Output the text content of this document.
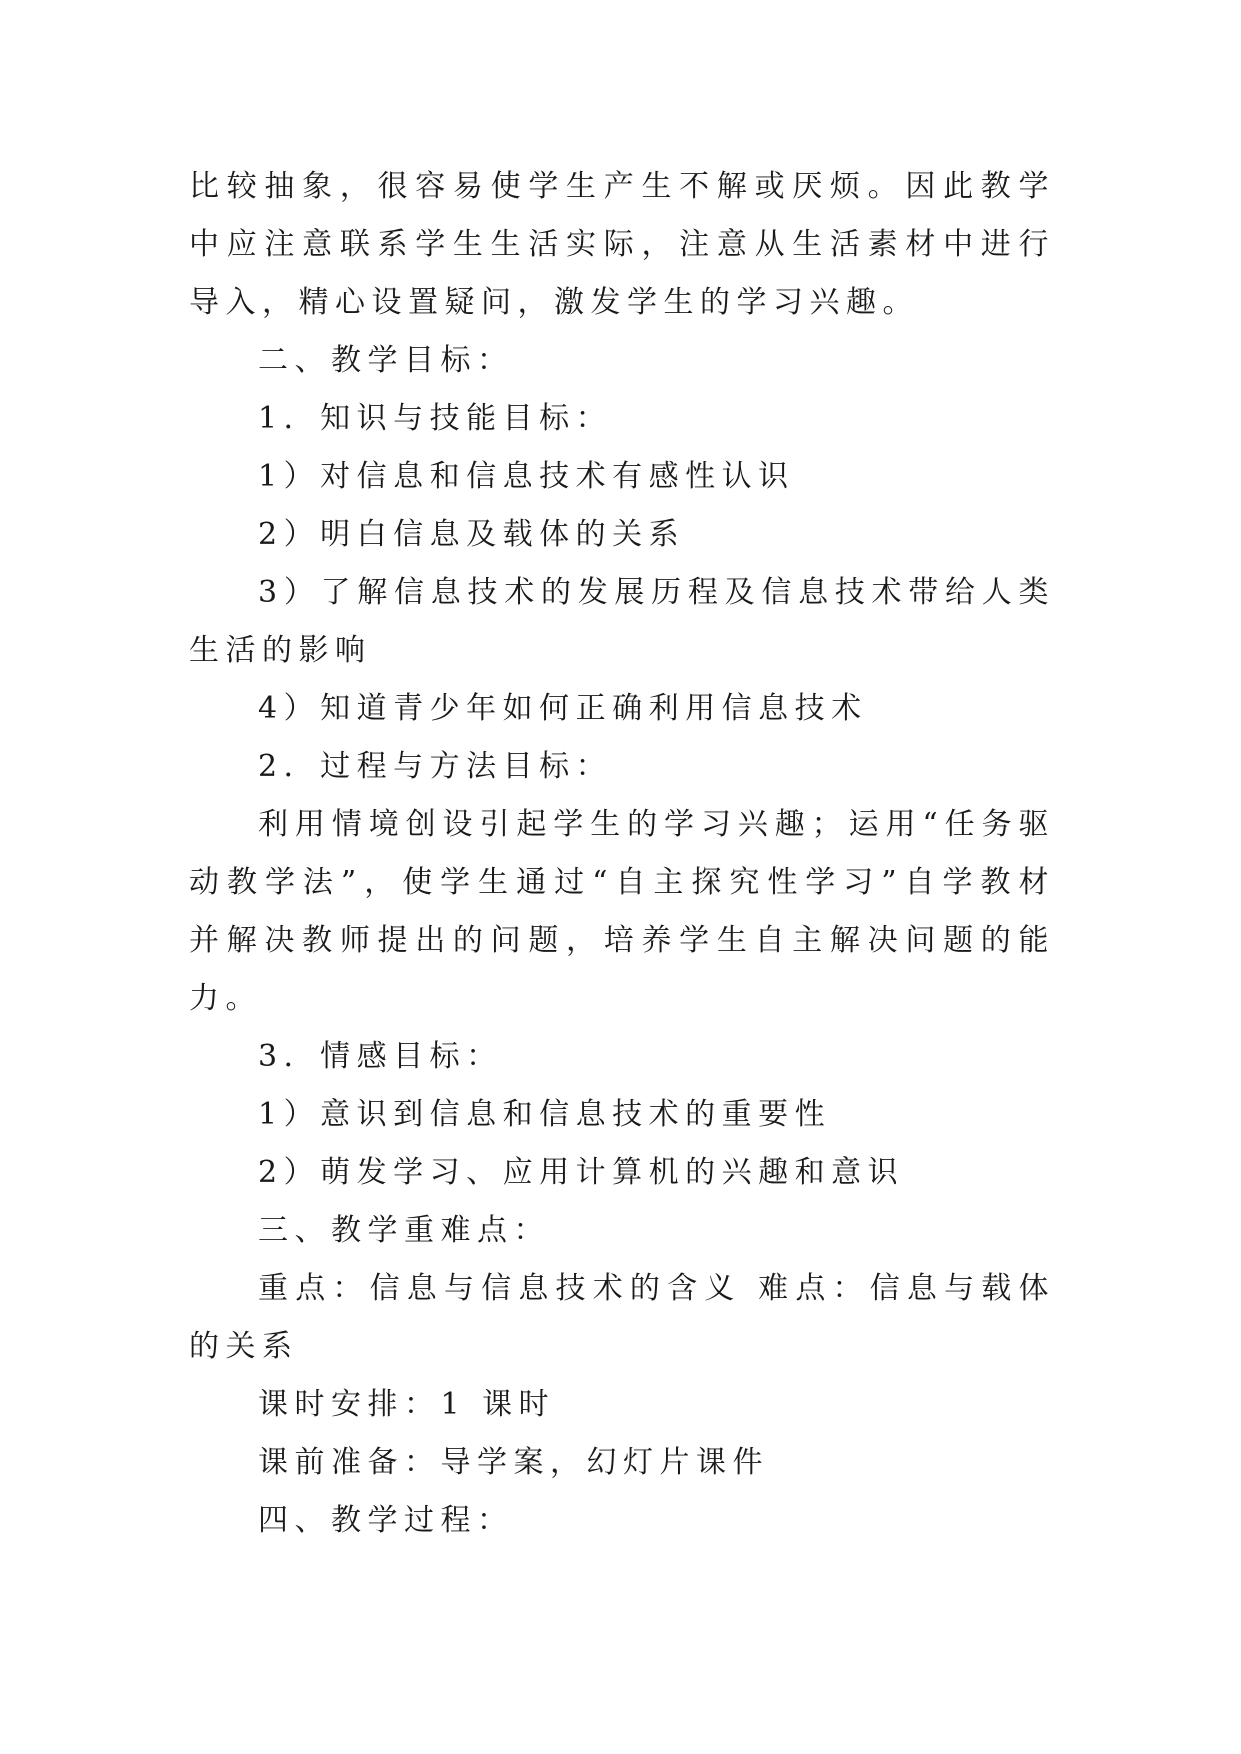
比较抽象，很容易使学生产生不解或厌烦。因此教学中应注意联系学生生活实际，注意从生活素材中进行导入，精心设置疑问，激发学生的学习兴趣。

二、教学目标：

1．知识与技能目标：

1）对信息和信息技术有感性认识

2）明白信息及载体的关系

3）了解信息技术的发展历程及信息技术带给人类生活的影响

4）知道青少年如何正确利用信息技术

2．过程与方法目标：

利用情境创设引起学生的学习兴趣；运用“任务驱动教学法”，使学生通过“自主探究性学习”自学教材并解决教师提出的问题，培养学生自主解决问题的能力。

3．情感目标：

1）意识到信息和信息技术的重要性

2）萌发学习、应用计算机的兴趣和意识

三、教学重难点：

重点：信息与信息技术的含义 难点：信息与载体的关系

课时安排：1 课时

课前准备：导学案，幻灯片课件

四、教学过程：
